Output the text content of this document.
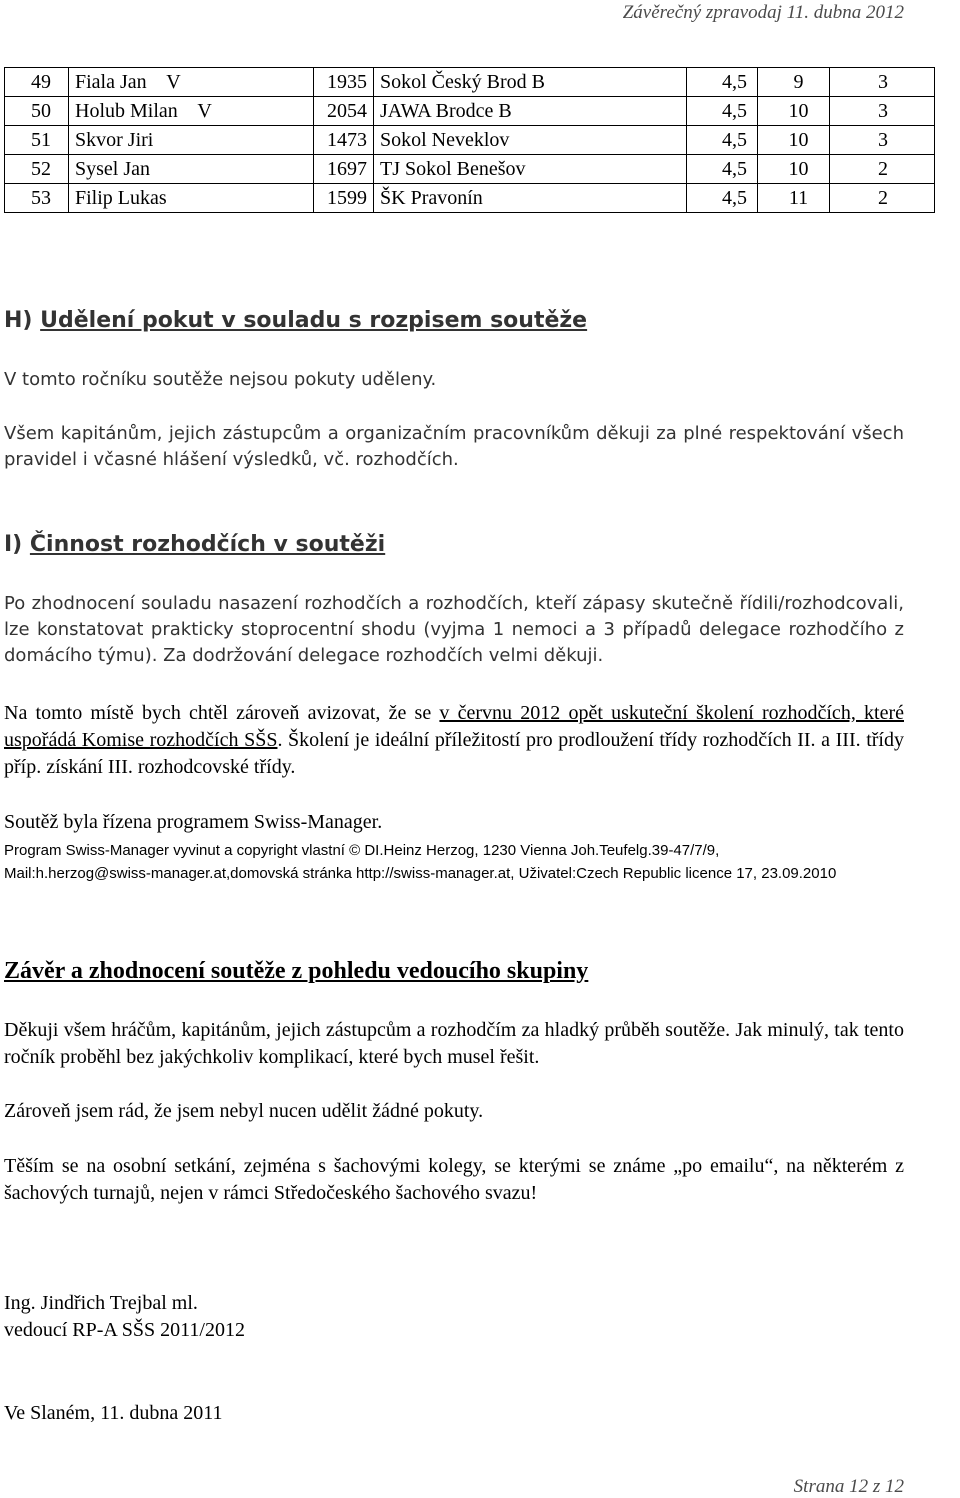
Závěrečný zpravodaj 11. dubna 2012
49	Fiala Jan    V	1935	Sokol Český Brod B	4,5	9	3
50	Holub Milan    V	2054	JAWA Brodce B	4,5	10	3
51	Skvor Jiri	1473	Sokol Neveklov	4,5	10	3
52	Sysel Jan	1697	TJ Sokol Benešov	4,5	10	2
53	Filip Lukas	1599	ŠK Pravonín	4,5	11	2
H) Udělení pokut v souladu s rozpisem soutěže
V tomto ročníku soutěže nejsou pokuty uděleny.
Všem kapitánům, jejich zástupcům a organizačním pracovníkům děkuji za plné respektování všech pravidel i včasné hlášení výsledků, vč. rozhodčích.
I) Činnost rozhodčích v soutěži
Po zhodnocení souladu nasazení rozhodčích a rozhodčích, kteří zápasy skutečně řídili/rozhodcovali, lze konstatovat prakticky stoprocentní shodu (vyjma 1 nemoci a 3 případů delegace rozhodčího z domácího týmu). Za dodržování delegace rozhodčích velmi děkuji.
Na tomto místě bych chtěl zároveň avizovat, že se v červnu 2012 opět uskuteční školení rozhodčích, které uspořádá Komise rozhodčích SŠS. Školení je ideální příležitostí pro prodloužení třídy rozhodčích II. a III. třídy příp. získání III. rozhodcovské třídy.
Soutěž byla řízena programem Swiss-Manager.
Program Swiss-Manager vyvinut a copyright vlastní © DI.Heinz Herzog, 1230 Vienna Joh.Teufelg.39-47/7/9,
Mail:h.herzog@swiss-manager.at,domovská stránka http://swiss-manager.at, Uživatel:Czech Republic licence 17, 23.09.2010
Závěr a zhodnocení soutěže z pohledu vedoucího skupiny
Děkuji všem hráčům, kapitánům, jejich zástupcům a rozhodčím za hladký průběh soutěže. Jak minulý, tak tento ročník proběhl bez jakýchkoliv komplikací, které bych musel řešit.
Zároveň jsem rád, že jsem nebyl nucen udělit žádné pokuty.
Těším se na osobní setkání, zejména s šachovými kolegy, se kterými se známe „po emailu“, na některém z šachových turnajů, nejen v rámci Středočeského šachového svazu!
Ing. Jindřich Trejbal ml.
vedoucí RP-A SŠS 2011/2012
Ve Slaném, 11. dubna 2011
Strana 12 z 12
